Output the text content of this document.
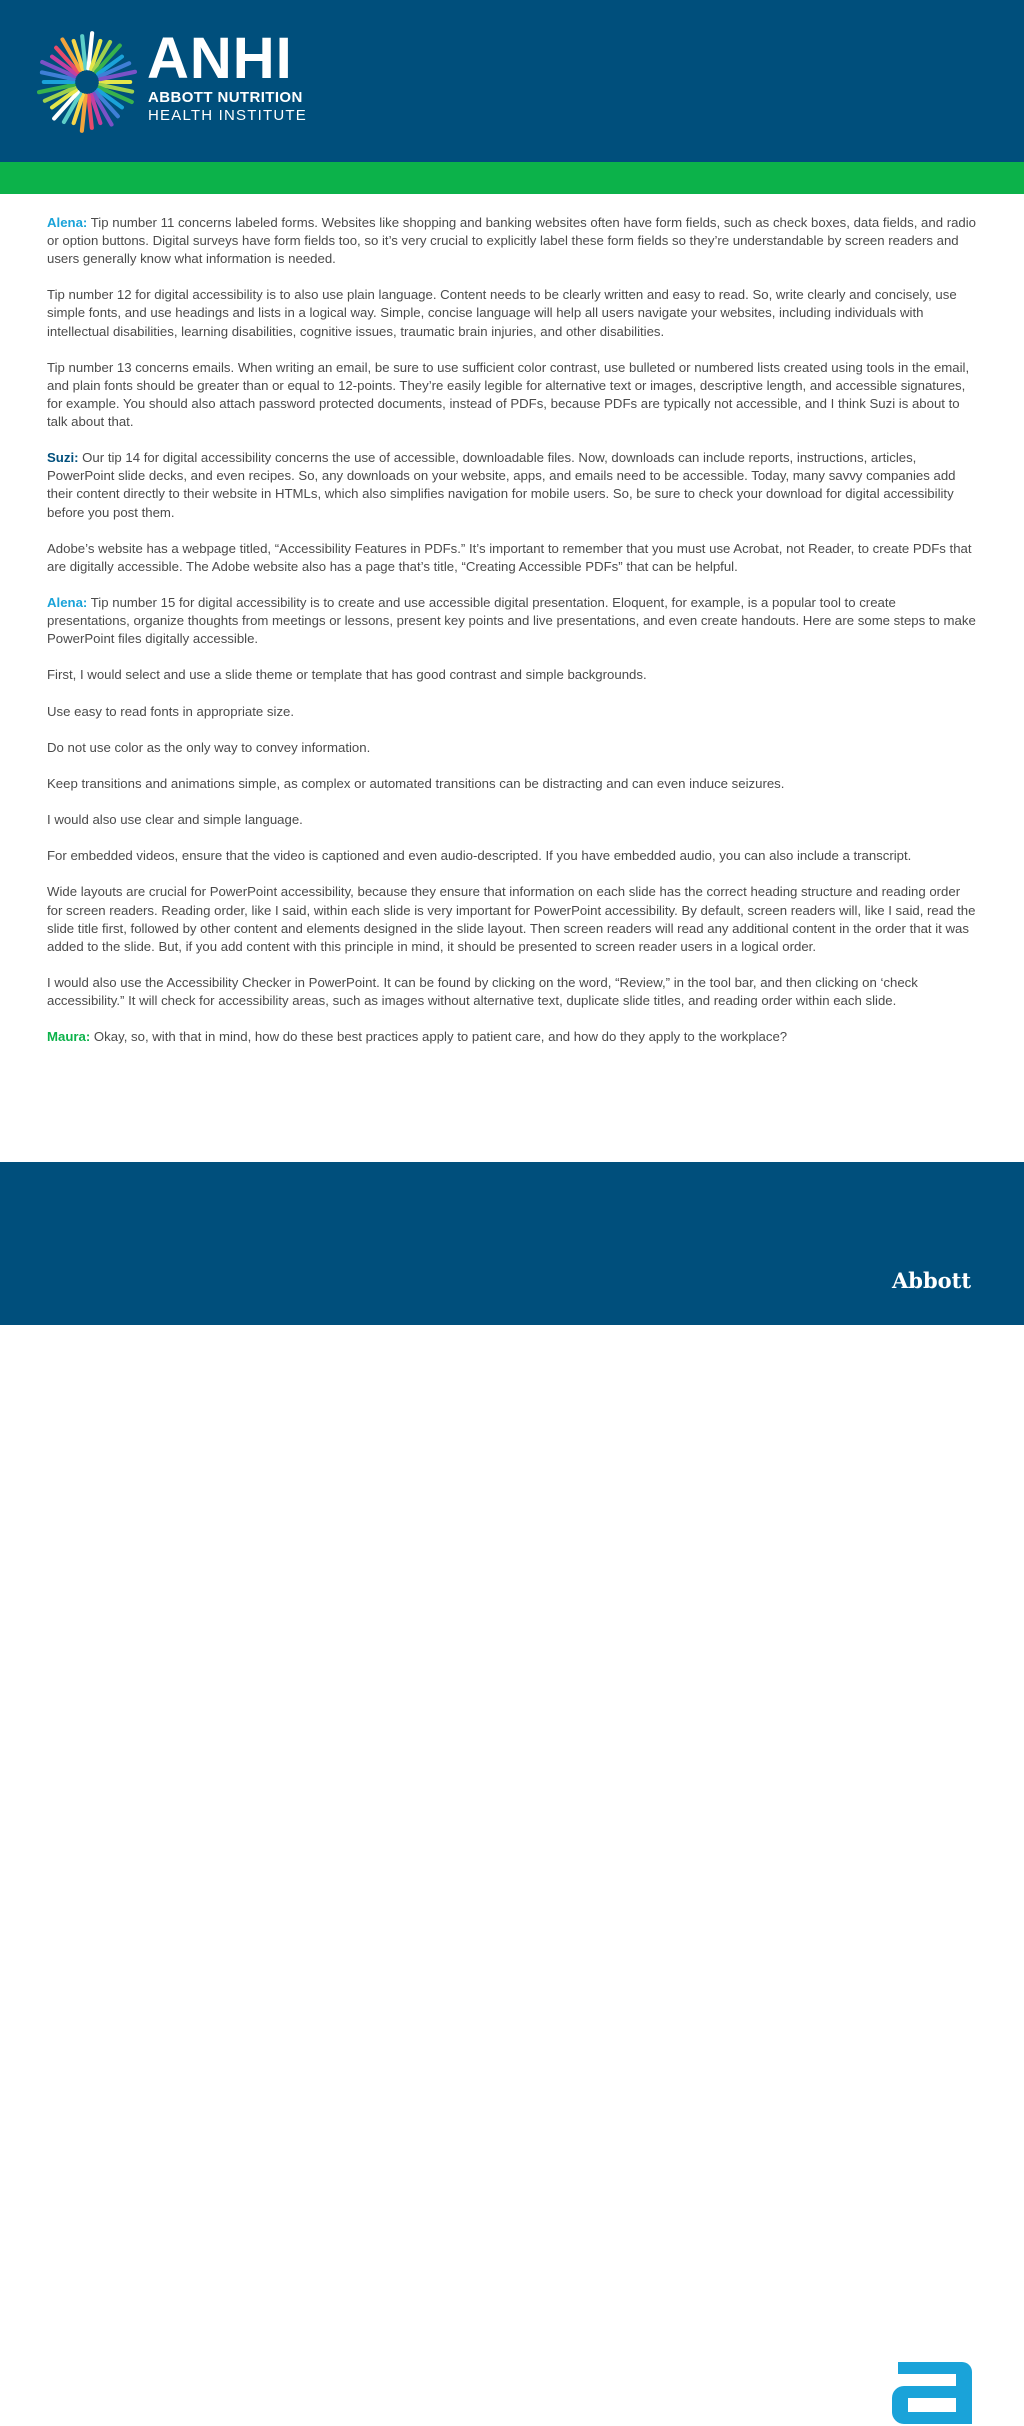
ANHI
ABBOTT NUTRITION
HEALTH INSTITUTE

Alena: Tip number 11 concerns labeled forms. Websites like shopping and banking websites often have form fields, such as check boxes, data fields, and radio or option buttons. Digital surveys have form fields too, so it’s very crucial to explicitly label these form fields so they’re understandable by screen readers and users generally know what information is needed.

Tip number 12 for digital accessibility is to also use plain language. Content needs to be clearly written and easy to read. So, write clearly and concisely, use simple fonts, and use headings and lists in a logical way. Simple, concise language will help all users navigate your websites, including individuals with intellectual disabilities, learning disabilities, cognitive issues, traumatic brain injuries, and other disabilities.

Tip number 13 concerns emails. When writing an email, be sure to use sufficient color contrast, use bulleted or numbered lists created using tools in the email, and plain fonts should be greater than or equal to 12-points. They’re easily legible for alternative text or images, descriptive length, and accessible signatures, for example. You should also attach password protected documents, instead of PDFs, because PDFs are typically not accessible, and I think Suzi is about to talk about that.

Suzi: Our tip 14 for digital accessibility concerns the use of accessible, downloadable files. Now, downloads can include reports, instructions, articles, PowerPoint slide decks, and even recipes. So, any downloads on your website, apps, and emails need to be accessible. Today, many savvy companies add their content directly to their website in HTMLs, which also simplifies navigation for mobile users. So, be sure to check your download for digital accessibility before you post them.

Adobe’s website has a webpage titled, “Accessibility Features in PDFs.” It’s important to remember that you must use Acrobat, not Reader, to create PDFs that are digitally accessible. The Adobe website also has a page that’s title, “Creating Accessible PDFs” that can be helpful.

Alena: Tip number 15 for digital accessibility is to create and use accessible digital presentation. Eloquent, for example, is a popular tool to create presentations, organize thoughts from meetings or lessons, present key points and live presentations, and even create handouts. Here are some steps to make PowerPoint files digitally accessible.

First, I would select and use a slide theme or template that has good contrast and simple backgrounds.

Use easy to read fonts in appropriate size.

Do not use color as the only way to convey information.

Keep transitions and animations simple, as complex or automated transitions can be distracting and can even induce seizures.

I would also use clear and simple language.

For embedded videos, ensure that the video is captioned and even audio-descripted. If you have embedded audio, you can also include a transcript.

Wide layouts are crucial for PowerPoint accessibility, because they ensure that information on each slide has the correct heading structure and reading order for screen readers. Reading order, like I said, within each slide is very important for PowerPoint accessibility. By default, screen readers will, like I said, read the slide title first, followed by other content and elements designed in the slide layout. Then screen readers will read any additional content in the order that it was added to the slide. But, if you add content with this principle in mind, it should be presented to screen reader users in a logical order.

I would also use the Accessibility Checker in PowerPoint. It can be found by clicking on the word, “Review,” in the tool bar, and then clicking on ‘check accessibility.” It will check for accessibility areas, such as images without alternative text, duplicate slide titles, and reading order within each slide.

Maura: Okay, so, with that in mind, how do these best practices apply to patient care, and how do they apply to the workplace?

Abbott
